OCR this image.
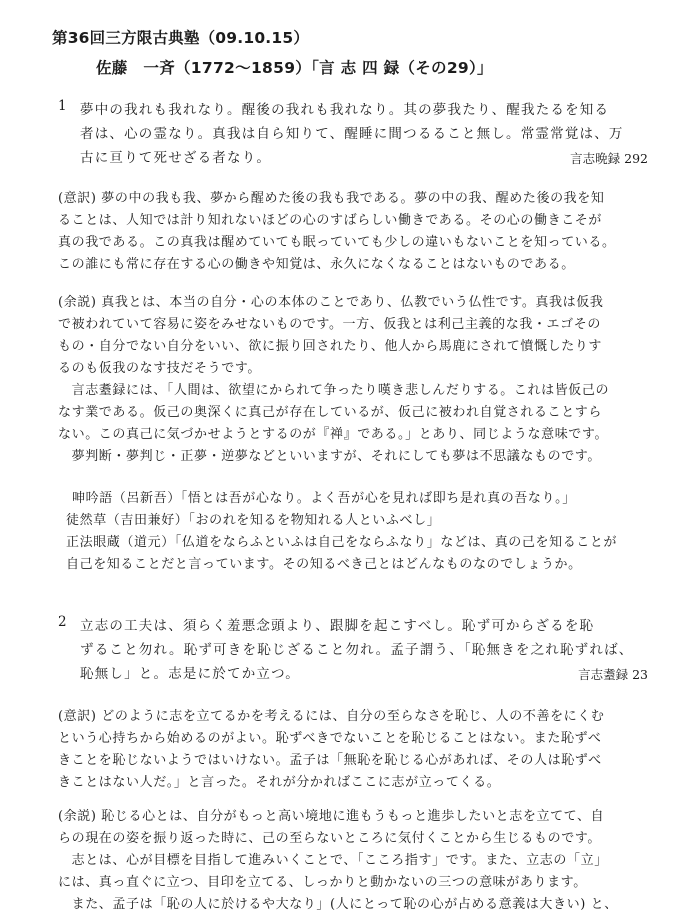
第36回三方限古典塾（09.10.15）
佐藤　一斉（1772～1859）「言 志 四 録（その29）」
1 夢中の我れも我れなり。醒後の我れも我れなり。其の夢我たり、醒我たるを知る
者は、心の霊なり。真我は自ら知りて、醒睡に間つるること無し。常霊常覚は、万
古に亘りて死せざる者なり。	言志晩録 292
(意訳) 夢の中の我も我、夢から醒めた後の我も我である。夢の中の我、醒めた後の我を知
ることは、人知では計り知れないほどの心のすばらしい働きである。その心の働きこそが
真の我である。この真我は醒めていても眠っていても少しの違いもないことを知っている。
この誰にも常に存在する心の働きや知覚は、永久になくなることはないものである。
(余説) 真我とは、本当の自分・心の本体のことであり、仏教でいう仏性です。真我は仮我
で被われていて容易に姿をみせないものです。一方、仮我とは利己主義的な我・エゴその
もの・自分でない自分をいい、欲に振り回されたり、他人から馬鹿にされて憤慨したりす
るのも仮我のなす技だそうです。
　言志耋録には、「人間は、欲望にかられて争ったり嘆き悲しんだりする。これは皆仮己の
なす業である。仮己の奥深くに真己が存在しているが、仮己に被われ自覚されることすら
ない。この真己に気づかせようとするのが『禅』である。」とあり、同じような意味です。
　夢判断・夢判じ・正夢・逆夢などといいますが、それにしても夢は不思議なものです。
呻吟語（呂新吾）「悟とは吾が心なり。よく吾が心を見れば即ち是れ真の吾なり。」
徒然草（吉田兼好）「おのれを知るを物知れる人といふべし」
正法眼蔵（道元）「仏道をならふといふは自己をならふなり」などは、真の己を知ることが
自己を知ることだと言っています。その知るべき己とはどんなものなのでしょうか。
2 立志の工夫は、須らく羞悪念頭より、跟脚を起こすべし。恥ず可からざるを恥
ずること勿れ。恥ず可きを恥じざること勿れ。孟子謂う、「恥無きを之れ恥ずれば、
恥無し」と。志是に於てか立つ。	言志耋録 23
(意訳) どのように志を立てるかを考えるには、自分の至らなさを恥じ、人の不善をにくむ
という心持ちから始めるのがよい。恥ずべきでないことを恥じることはない。また恥ずべ
きことを恥じないようではいけない。孟子は「無恥を恥じる心があれば、その人は恥ずべ
きことはない人だ。」と言った。それが分かればここに志が立ってくる。
(余説) 恥じる心とは、自分がもっと高い境地に進もうもっと進歩したいと志を立てて、自
らの現在の姿を振り返った時に、己の至らないところに気付くことから生じるものです。
　志とは、心が目標を目指して進みいくことで、「こころ指す」です。また、立志の「立」
には、真っ直ぐに立つ、目印を立てる、しっかりと動かないの三つの意味があります。
　また、孟子は「恥の人に於けるや大なり」(人にとって恥の心が占める意義は大きい) と、
